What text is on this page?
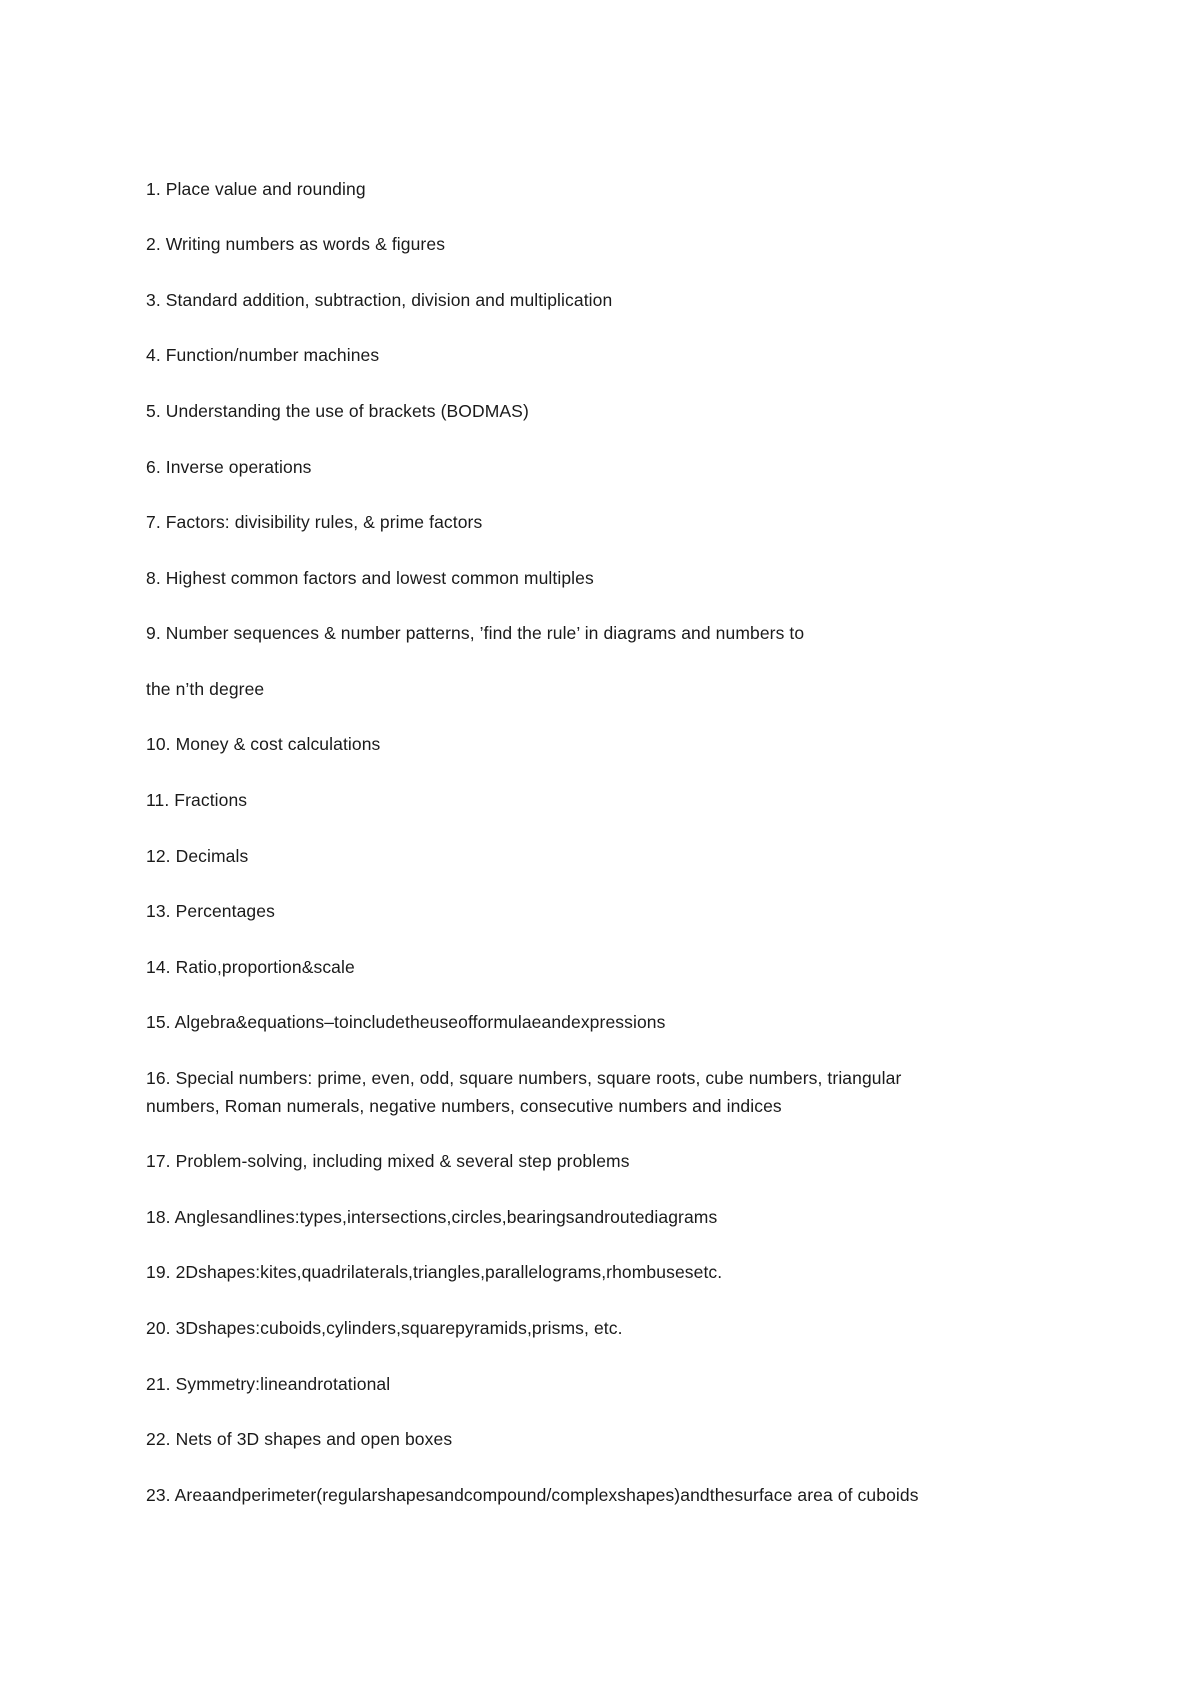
1. Place value and rounding
2. Writing numbers as words & figures
3. Standard addition, subtraction, division and multiplication
4. Function/number machines
5. Understanding the use of brackets (BODMAS)
6. Inverse operations
7. Factors: divisibility rules, & prime factors
8. Highest common factors and lowest common multiples
9. Number sequences & number patterns, ’find the rule’ in diagrams and numbers to
the n’th degree
10. Money & cost calculations
11. Fractions
12. Decimals
13. Percentages
14. Ratio,proportion&scale
15. Algebra&equations–toincludetheuseofformulaeandexpressions
16. Special numbers: prime, even, odd, square numbers, square roots, cube numbers, triangular
numbers, Roman numerals, negative numbers, consecutive numbers and indices
17. Problem-solving, including mixed & several step problems
18. Anglesandlines:types,intersections,circles,bearingsandroutediagrams
19. 2Dshapes:kites,quadrilaterals,triangles,parallelograms,rhombusesetc.
20. 3Dshapes:cuboids,cylinders,squarepyramids,prisms, etc.
21. Symmetry:lineandrotational
22. Nets of 3D shapes and open boxes
23. Areaandperimeter(regularshapesandcompound/complexshapes)andthesurface area of cuboids
